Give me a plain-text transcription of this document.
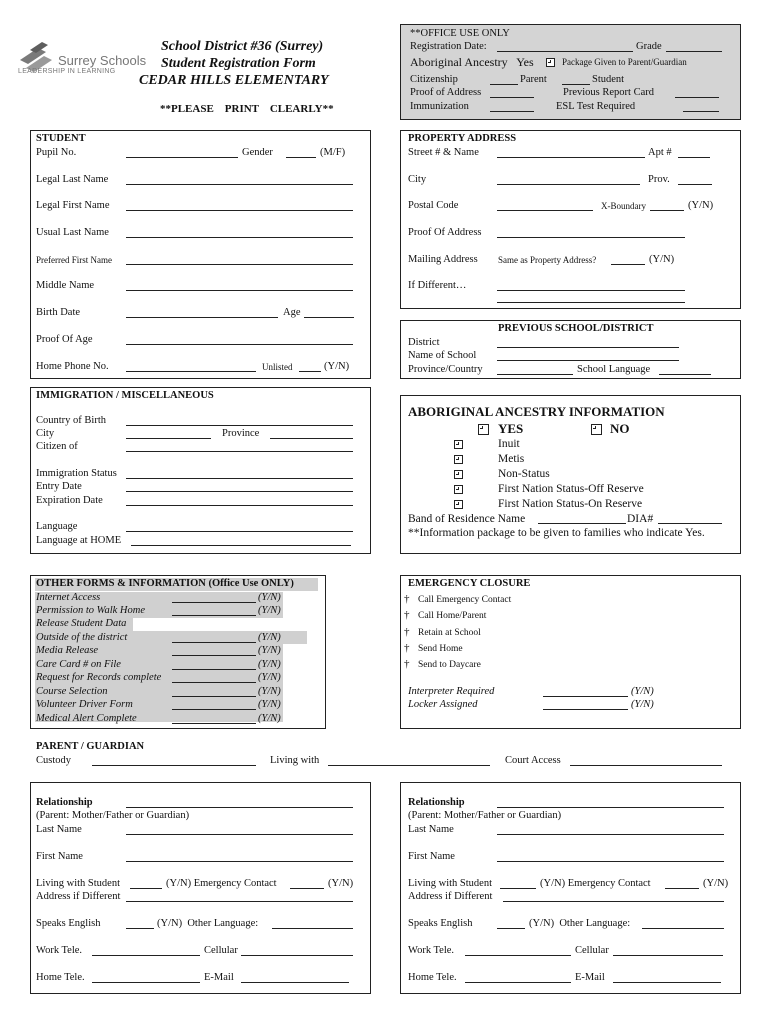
Surrey Schools
LEADERSHIP IN LEARNING
School District #36 (Surrey)
Student Registration Form
CEDAR HILLS ELEMENTARY
**PLEASE    PRINT    CLEARLY**
**OFFICE USE ONLY
Registration Date:	Grade
Aboriginal Ancestry   Yes	Package Given to Parent/Guardian
Citizenship	Parent	Student
Proof of Address	Previous Report Card
Immunization	ESL Test Required
STUDENT
Pupil No.	Gender	(M/F)
Legal Last Name
Legal First Name
Usual Last Name
Preferred First Name
Middle Name
Birth Date	Age
Proof Of Age
Home Phone No.	Unlisted	(Y/N)
PROPERTY ADDRESS
Street # & Name	Apt #
City	Prov.
Postal Code	X-Boundary	(Y/N)
Proof Of Address
Mailing Address Same as Property Address?	(Y/N)
If Different…
PREVIOUS SCHOOL/DISTRICT
District
Name of School
Province/Country	School Language
IMMIGRATION / MISCELLANEOUS
Country of Birth
City	Province
Citizen of
Immigration Status
Entry Date
Expiration Date
Language
Language at HOME
ABORIGINAL ANCESTRY INFORMATION
YES	NO
Inuit
Metis
Non-Status
First Nation Status-Off Reserve
First Nation Status-On Reserve
Band of Residence Name	DIA#
**Information package to be given to families who indicate Yes.
OTHER FORMS & INFORMATION (Office Use ONLY)
Internet Access	(Y/N)
Permission to Walk Home	(Y/N)
Release Student Data
Outside of the district	(Y/N)
Media Release	(Y/N)
Care Card # on File	(Y/N)
Request for Records complete	(Y/N)
Course Selection	(Y/N)
Volunteer Driver Form	(Y/N)
Medical Alert Complete	(Y/N)
EMERGENCY CLOSURE
† Call Emergency Contact
† Call Home/Parent
† Retain at School
† Send Home
† Send to Daycare
Interpreter Required	(Y/N)
Locker Assigned	(Y/N)
PARENT / GUARDIAN
Custody	Living with	Court Access
Relationship
(Parent: Mother/Father or Guardian)
Last Name
First Name
Living with Student	(Y/N) Emergency Contact	(Y/N)
Address if Different
Speaks English	(Y/N)  Other Language:
Work Tele.	Cellular
Home Tele.	E-Mail
Relationship
(Parent: Mother/Father or Guardian)
Last Name
First Name
Living with Student	(Y/N) Emergency Contact	(Y/N)
Address if Different
Speaks English	(Y/N)  Other Language:
Work Tele.	Cellular
Home Tele.	E-Mail
